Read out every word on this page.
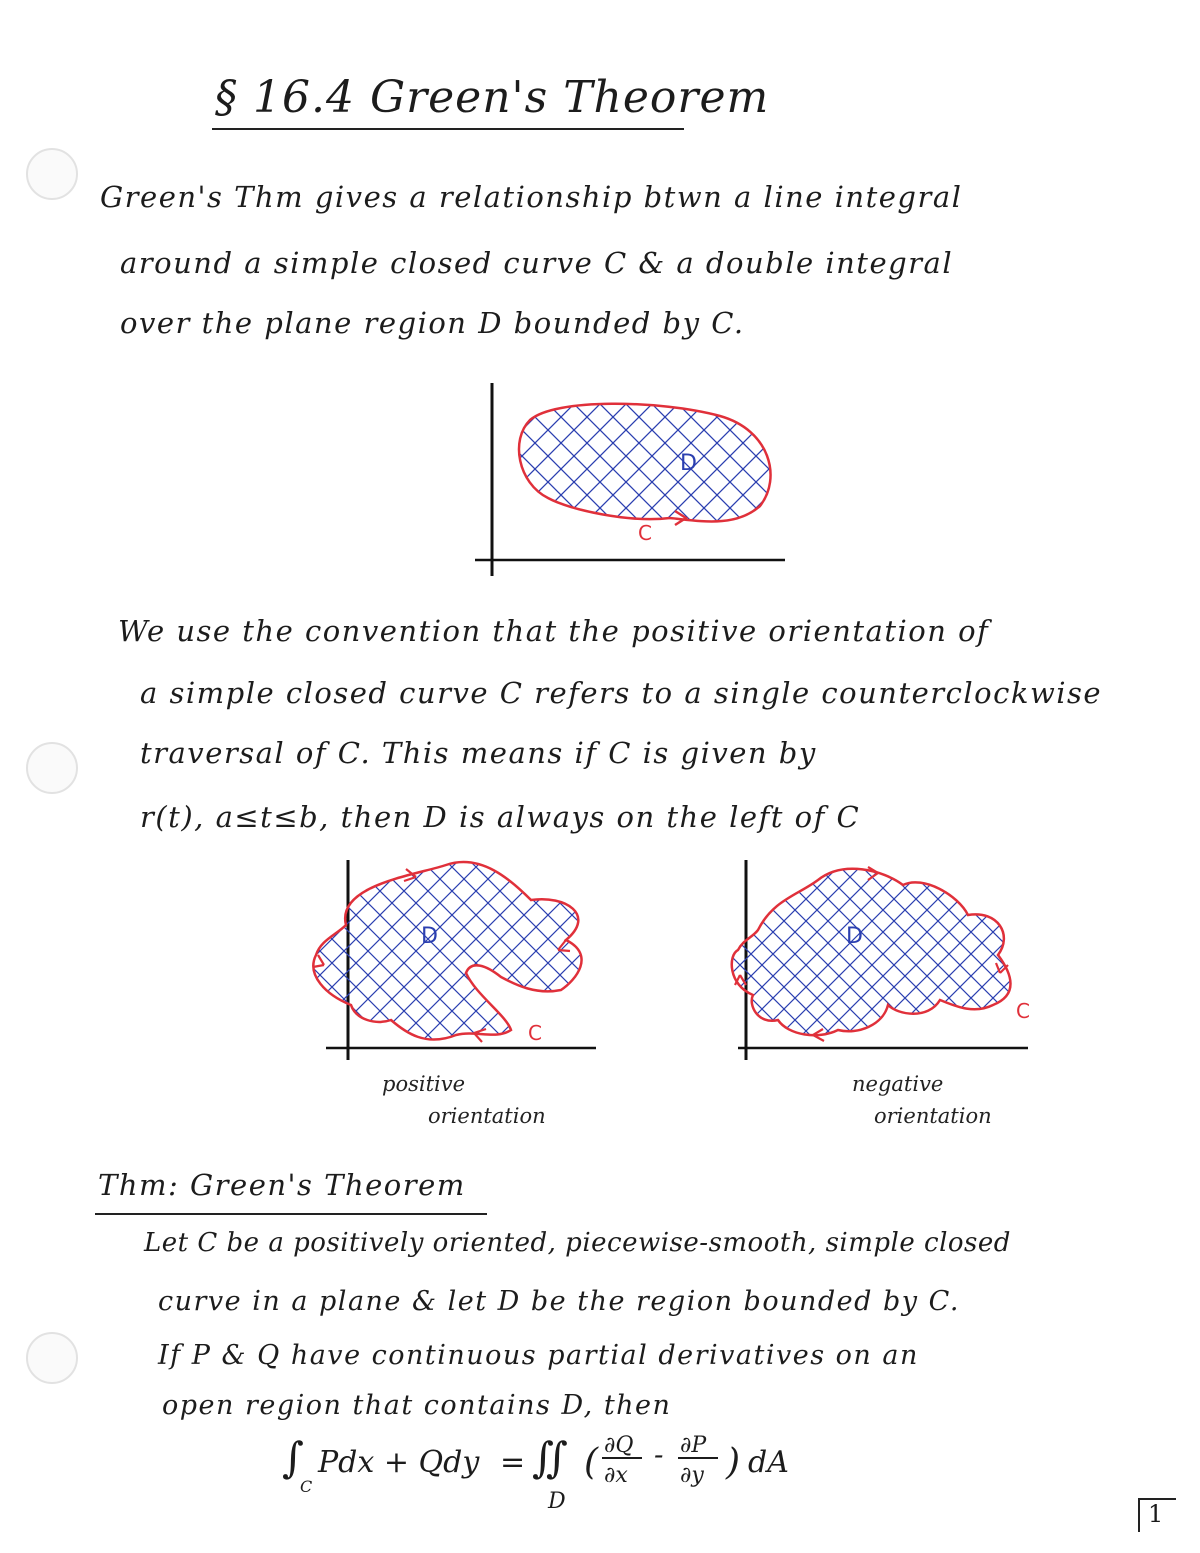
§ 16.4 Green's Theorem
Green's Thm gives a relationship btwn a line integral
around a simple closed curve C & a double integral
over the plane region D bounded by C.
D
C
We use the convention that the positive orientation of
a simple closed curve C refers to a single counterclockwise
traversal of C. This means if C is given by
r(t), a≤t≤b, then D is always on the left of C
D
C
positive
orientation
D
C
negative
orientation
Thm: Green's Theorem
Let C be a positively oriented, piecewise-smooth, simple closed
curve in a plane & let D be the region bounded by C.
If P & Q have continuous partial derivatives on an
open region that contains D, then
∫
C
Pdx + Qdy = ∬
D
( ∂Q
∂x
- ∂P
∂y ) dA
1
